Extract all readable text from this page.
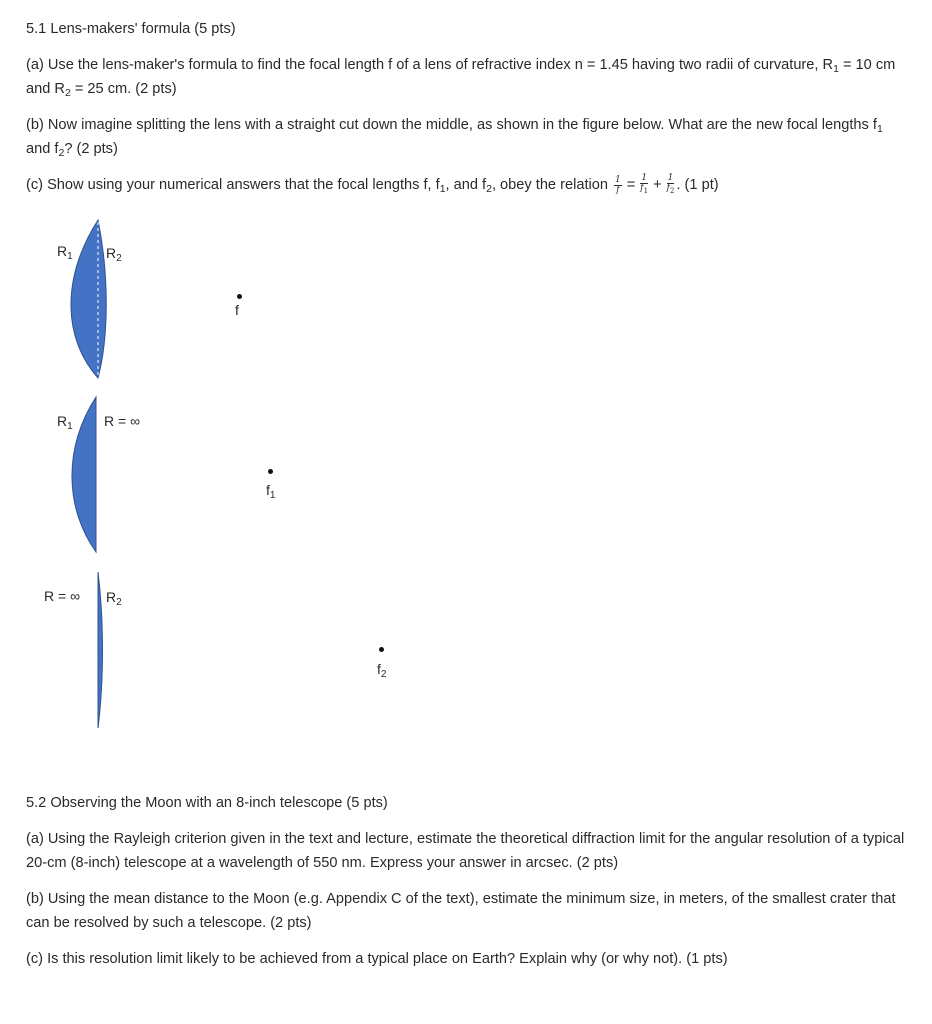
5.1 Lens-makers' formula (5 pts)

(a) Use the lens-maker's formula to find the focal length f of a lens of refractive index n = 1.45 having two radii of curvature, R1 = 10 cm and R2 = 25 cm. (2 pts)

(b) Now imagine splitting the lens with a straight cut down the middle, as shown in the figure below. What are the new focal lengths f1 and f2? (2 pts)

(c) Show using your numerical answers that the focal lengths f, f1, and f2, obey the relation $\frac{1}{f} = \frac{1}{f_1} + \frac{1}{f_2}$ . (1 pt)

R1 R2
f
R1 R = ∞
f1
R = ∞ R2
f2

5.2 Observing the Moon with an 8-inch telescope (5 pts)

(a) Using the Rayleigh criterion given in the text and lecture, estimate the theoretical diffraction limit for the angular resolution of a typical 20-cm (8-inch) telescope at a wavelength of 550 nm. Express your answer in arcsec. (2 pts)

(b) Using the mean distance to the Moon (e.g. Appendix C of the text), estimate the minimum size, in meters, of the smallest crater that can be resolved by such a telescope. (2 pts)

(c) Is this resolution limit likely to be achieved from a typical place on Earth? Explain why (or why not). (1 pts)
